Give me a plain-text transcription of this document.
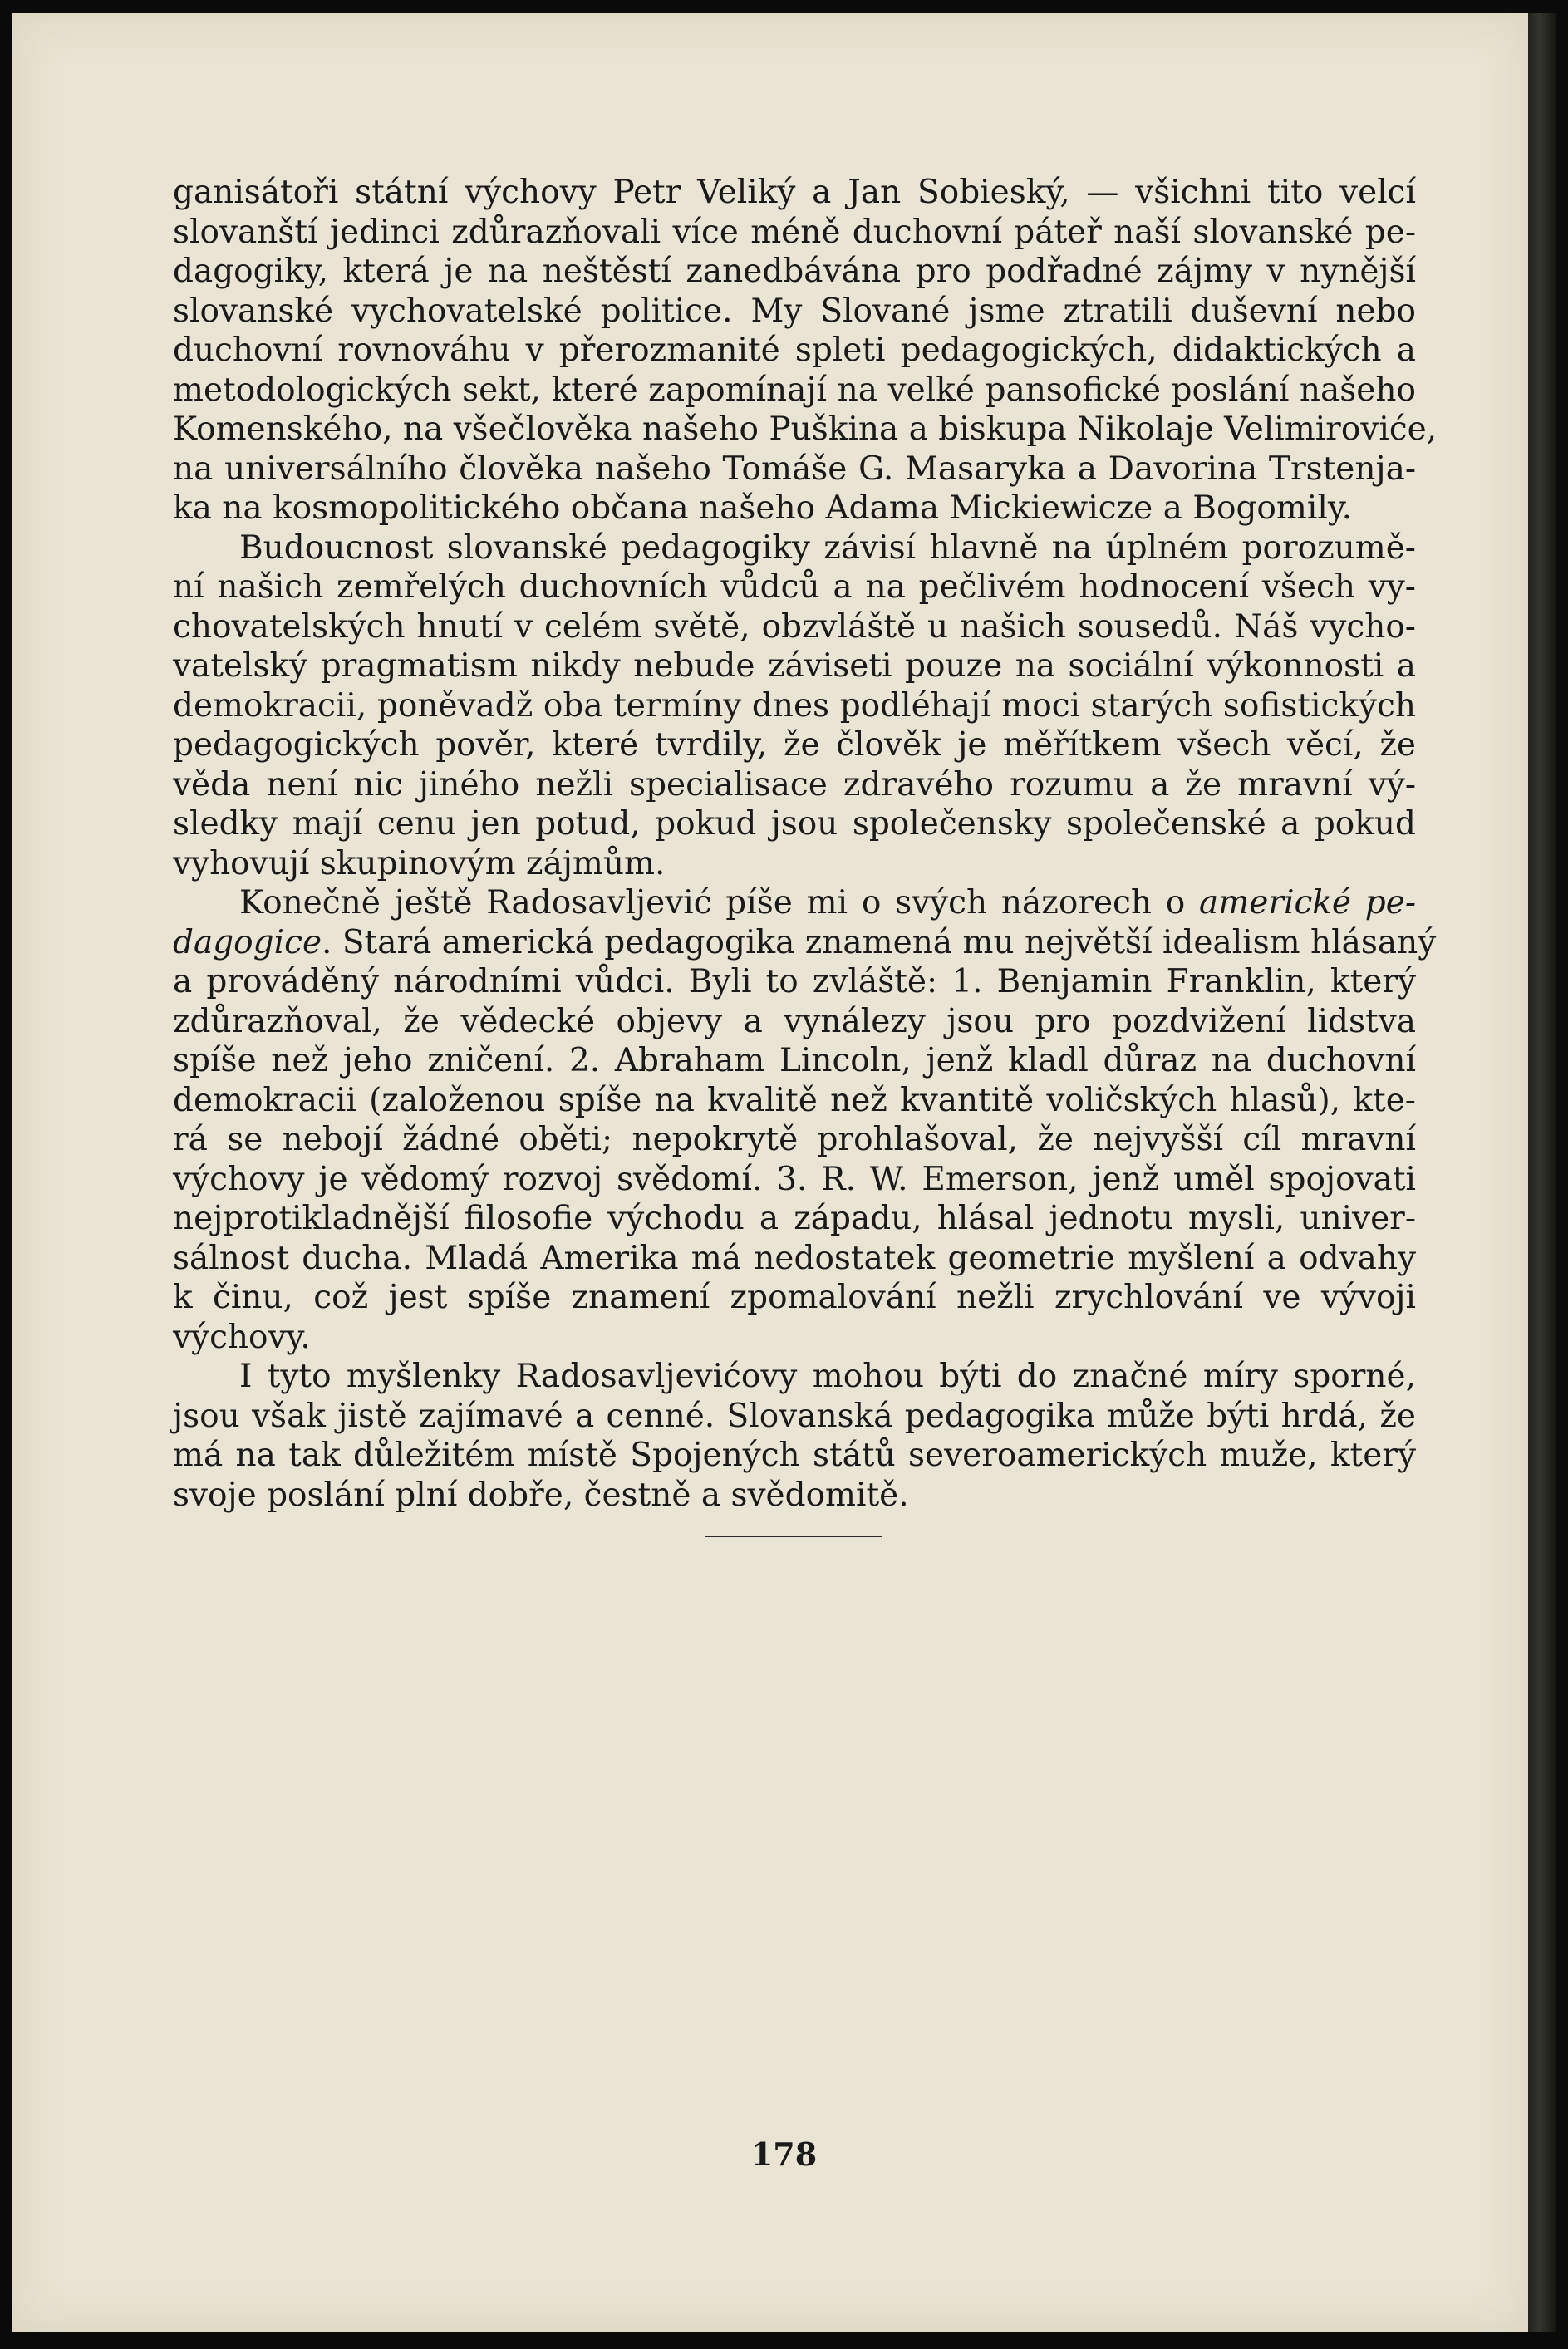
ganisátoři státní výchovy Petr Veliký a Jan Sobieský, — všichni tito velcí
slovanští jedinci zdůrazňovali více méně duchovní páteř naší slovanské pe-
dagogiky, která je na neštěstí zanedbávána pro podřadné zájmy v nynější
slovanské vychovatelské politice. My Slované jsme ztratili duševní nebo
duchovní rovnováhu v přerozmanité spleti pedagogických, didaktických a
metodologických sekt, které zapomínají na velké pansofické poslání našeho
Komenského, na všečlověka našeho Puškina a biskupa Nikolaje Velimiroviće,
na universálního člověka našeho Tomáše G. Masaryka a Davorina Trstenja-
ka na kosmopolitického občana našeho Adama Mickiewicze a Bogomily.
Budoucnost slovanské pedagogiky závisí hlavně na úplném porozumě-
ní našich zemřelých duchovních vůdců a na pečlivém hodnocení všech vy-
chovatelských hnutí v celém světě, obzvláště u našich sousedů. Náš vycho-
vatelský pragmatism nikdy nebude záviseti pouze na sociální výkonnosti a
demokracii, poněvadž oba termíny dnes podléhají moci starých sofistických
pedagogických pověr, které tvrdily, že člověk je měřítkem všech věcí, že
věda není nic jiného nežli specialisace zdravého rozumu a že mravní vý-
sledky mají cenu jen potud, pokud jsou společensky společenské a pokud
vyhovují skupinovým zájmům.
Konečně ještě Radosavljević píše mi o svých názorech o americké pe-
dagogice. Stará americká pedagogika znamená mu největší idealism hlásaný
a prováděný národními vůdci. Byli to zvláště: 1. Benjamin Franklin, který
zdůrazňoval, že vědecké objevy a vynálezy jsou pro pozdvižení lidstva
spíše než jeho zničení. 2. Abraham Lincoln, jenž kladl důraz na duchovní
demokracii (založenou spíše na kvalitě než kvantitě voličských hlasů), kte-
rá se nebojí žádné oběti; nepokrytě prohlašoval, že nejvyšší cíl mravní
výchovy je vědomý rozvoj svědomí. 3. R. W. Emerson, jenž uměl spojovati
nejprotikladnější filosofie východu a západu, hlásal jednotu mysli, univer-
sálnost ducha. Mladá Amerika má nedostatek geometrie myšlení a odvahy
k činu, což jest spíše znamení zpomalování nežli zrychlování ve vývoji
výchovy.
I tyto myšlenky Radosavljevićovy mohou býti do značné míry sporné,
jsou však jistě zajímavé a cenné. Slovanská pedagogika může býti hrdá, že
má na tak důležitém místě Spojených států severoamerických muže, který
svoje poslání plní dobře, čestně a svědomitě.
178
